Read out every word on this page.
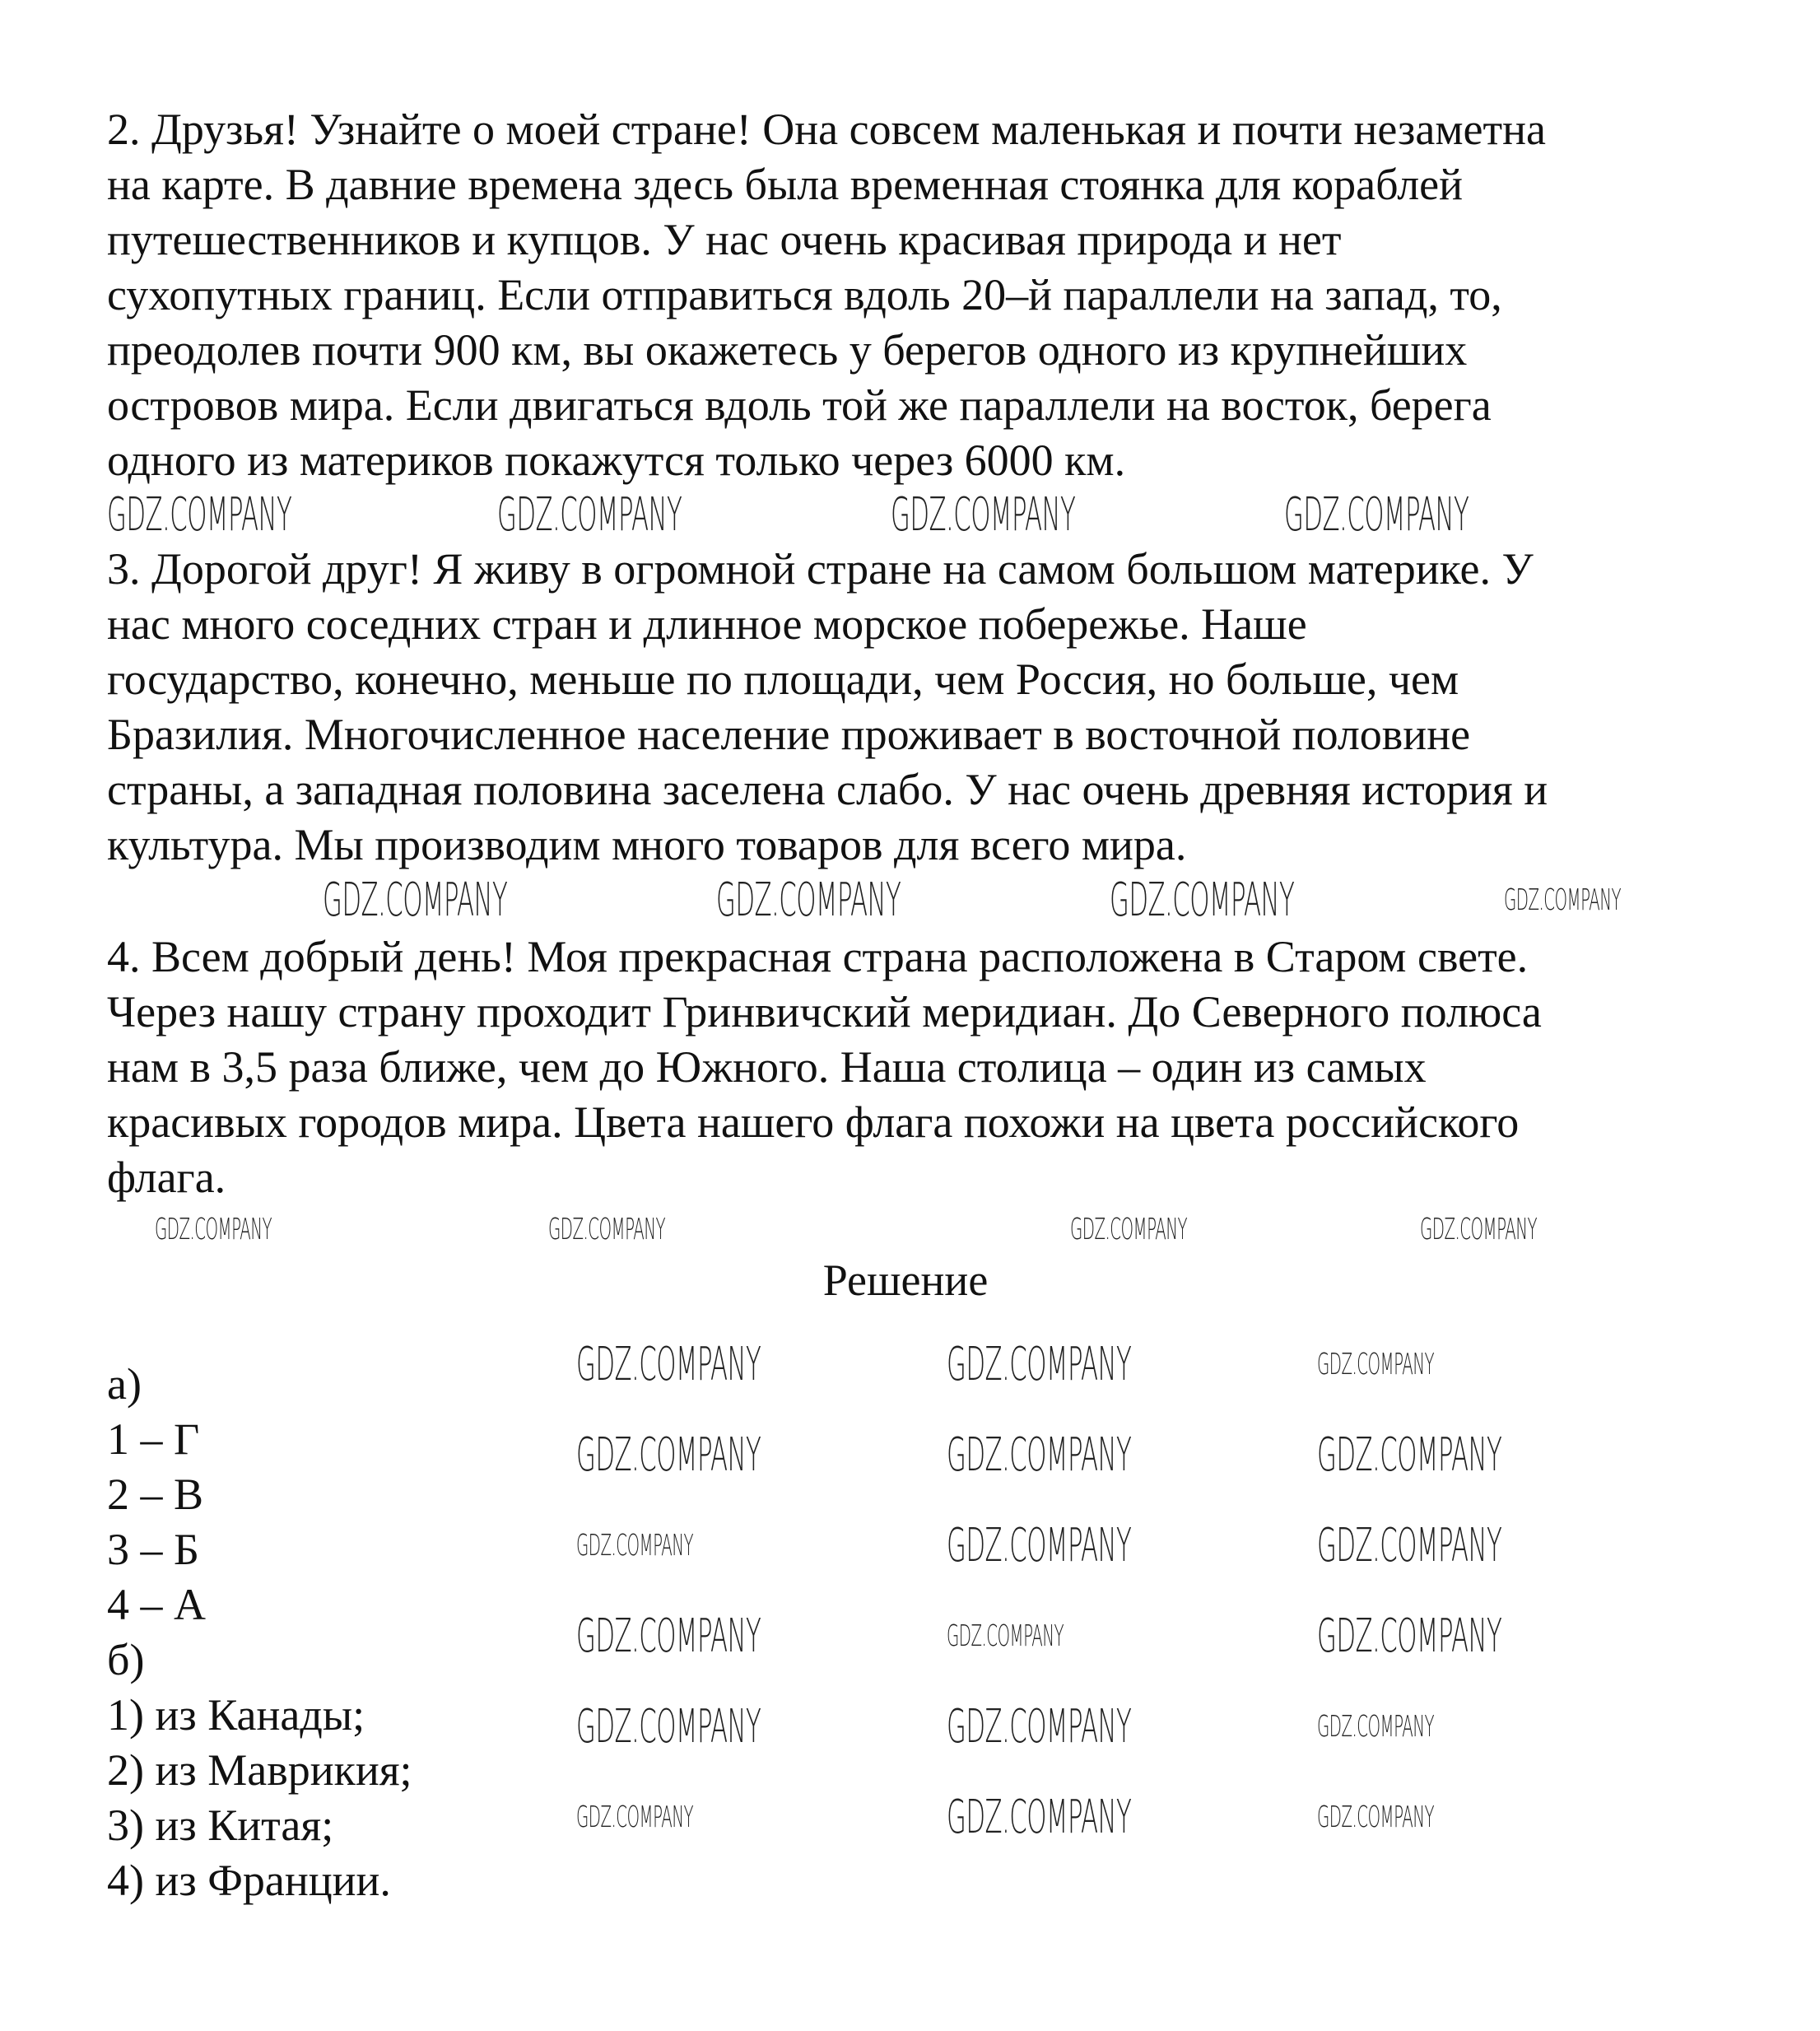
2. Друзья! Узнайте о моей стране! Она совсем маленькая и почти незаметна
на карте. В давние времена здесь была временная стоянка для кораблей
путешественников и купцов. У нас очень красивая природа и нет
сухопутных границ. Если отправиться вдоль 20–й параллели на запад, то,
преодолев почти 900 км, вы окажетесь у берегов одного из крупнейших
островов мира. Если двигаться вдоль той же параллели на восток, берега
одного из материков покажутся только через 6000 км.
3. Дорогой друг! Я живу в огромной стране на самом большом материке. У
нас много соседних стран и длинное морское побережье. Наше
государство, конечно, меньше по площади, чем Россия, но больше, чем
Бразилия. Многочисленное население проживает в восточной половине
страны, а западная половина заселена слабо. У нас очень древняя история и
культура. Мы производим много товаров для всего мира.
4. Всем добрый день! Моя прекрасная страна расположена в Старом свете.
Через нашу страну проходит Гринвичский меридиан. До Северного полюса
нам в 3,5 раза ближе, чем до Южного. Наша столица – один из самых
красивых городов мира. Цвета нашего флага похожи на цвета российского
флага.
Решение
а)
1 – Г
2 – В
3 – Б
4 – А
б)
1) из Канады;
2) из Маврикия;
3) из Китая;
4) из Франции.
GDZ.COMPANY	GDZ.COMPANY	GDZ.COMPANY	GDZ.COMPANY
GDZ.COMPANY	GDZ.COMPANY	GDZ.COMPANY	GDZ.COMPANY
GDZ.COMPANY	GDZ.COMPANY	GDZ.COMPANY	GDZ.COMPANY
GDZ.COMPANY	GDZ.COMPANY	GDZ.COMPANY
GDZ.COMPANY	GDZ.COMPANY	GDZ.COMPANY
GDZ.COMPANY	GDZ.COMPANY	GDZ.COMPANY
GDZ.COMPANY	GDZ.COMPANY	GDZ.COMPANY
GDZ.COMPANY	GDZ.COMPANY	GDZ.COMPANY
GDZ.COMPANY	GDZ.COMPANY	GDZ.COMPANY
